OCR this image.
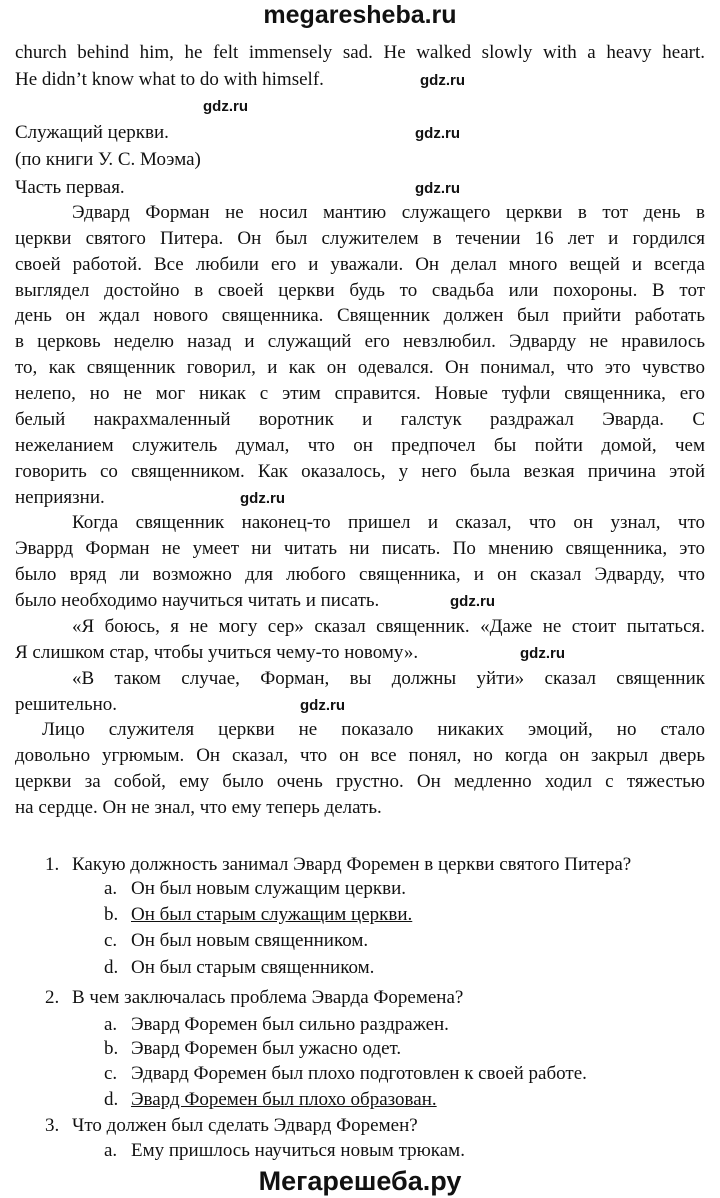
megaresheba.ru
church behind him, he felt immensely sad. He walked slowly with a heavy heart.
He didn’t know what to do with himself.
Служащий церкви.
(по книги У. С. Моэма)
Часть первая.
Эдвард Форман не носил мантию служащего церкви в тот день в
церкви святого Питера. Он был служителем в течении 16 лет и гордился
своей работой. Все любили его и уважали. Он делал много вещей и всегда
выглядел достойно в своей церкви будь то свадьба или похороны. В тот
день он ждал нового священника. Священник должен был прийти работать
в церковь неделю назад и служащий его невзлюбил. Эдварду не нравилось
то, как священник говорил, и как он одевался. Он понимал, что это чувство
нелепо, но не мог никак с этим справится. Новые туфли священника, его
белый накрахмаленный воротник и галстук раздражал Эварда. С
нежеланием служитель думал, что он предпочел бы пойти домой, чем
говорить со священником. Как оказалось, у него была везкая причина этой
неприязни.
Когда священник наконец-то пришел и сказал, что он узнал, что
Эваррд Форман не умеет ни читать ни писать. По мнению священника, это
было вряд ли возможно для любого священника, и он сказал Эдварду, что
было необходимо научиться читать и писать.
«Я боюсь, я не могу сер» сказал священник. «Даже не стоит пытаться.
Я слишком стар, чтобы учиться чему-то новому».
«В таком случае, Форман, вы должны уйти» сказал священник
решительно.
Лицо служителя церкви не показало никаких эмоций, но стало
довольно угрюмым. Он сказал, что он все понял, но когда он закрыл дверь
церкви за собой, ему было очень грустно. Он медленно ходил с тяжестью
на сердце. Он не знал, что ему теперь делать.
1. Какую должность занимал Эвард Форемен в церкви святого Питера?
a. Он был новым служащим церкви.
b. Он был старым служащим церкви.
c. Он был новым священником.
d. Он был старым священником.
2. В чем заключалась проблема Эварда Форемена?
a. Эвард Форемен был сильно раздражен.
b. Эвард Форемен был ужасно одет.
c. Эдвард Форемен был плохо подготовлен к своей работе.
d. Эвард Форемен был плохо образован.
3. Что должен был сделать Эдвард Форемен?
a. Ему пришлось научиться новым трюкам.
Мегарешеба.ру
gdz.ru
gdz.ru
gdz.ru
gdz.ru
gdz.ru
gdz.ru
gdz.ru
gdz.ru
